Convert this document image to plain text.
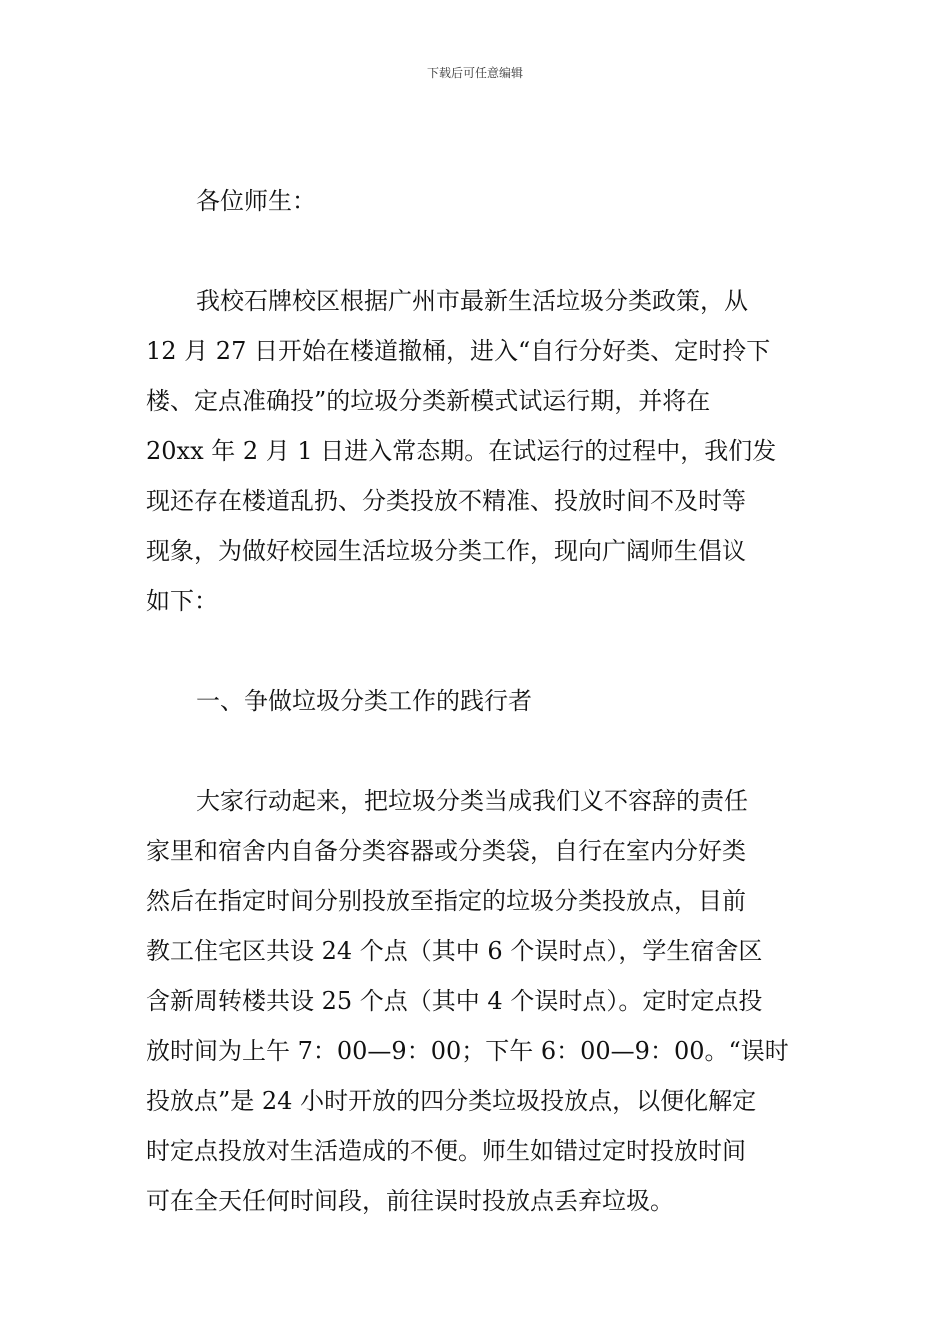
下载后可任意编辑
各位师生：
我校石牌校区根据广州市最新生活垃圾分类政策，从
12 月 27 日开始在楼道撤桶，进入“自行分好类、定时拎下
楼、定点准确投”的垃圾分类新模式试运行期，并将在
20xx 年 2 月 1 日进入常态期。在试运行的过程中，我们发
现还存在楼道乱扔、分类投放不精准、投放时间不及时等
现象，为做好校园生活垃圾分类工作，现向广阔师生倡议
如下：
一、争做垃圾分类工作的践行者
大家行动起来，把垃圾分类当成我们义不容辞的责任
家里和宿舍内自备分类容器或分类袋，自行在室内分好类
然后在指定时间分别投放至指定的垃圾分类投放点，目前
教工住宅区共设 24 个点（其中 6 个误时点），学生宿舍区
含新周转楼共设 25 个点（其中 4 个误时点）。定时定点投
放时间为上午 7：00—9：00；下午 6：00—9：00。“误时
投放点”是 24 小时开放的四分类垃圾投放点，以便化解定
时定点投放对生活造成的不便。师生如错过定时投放时间
可在全天任何时间段，前往误时投放点丢弃垃圾。
